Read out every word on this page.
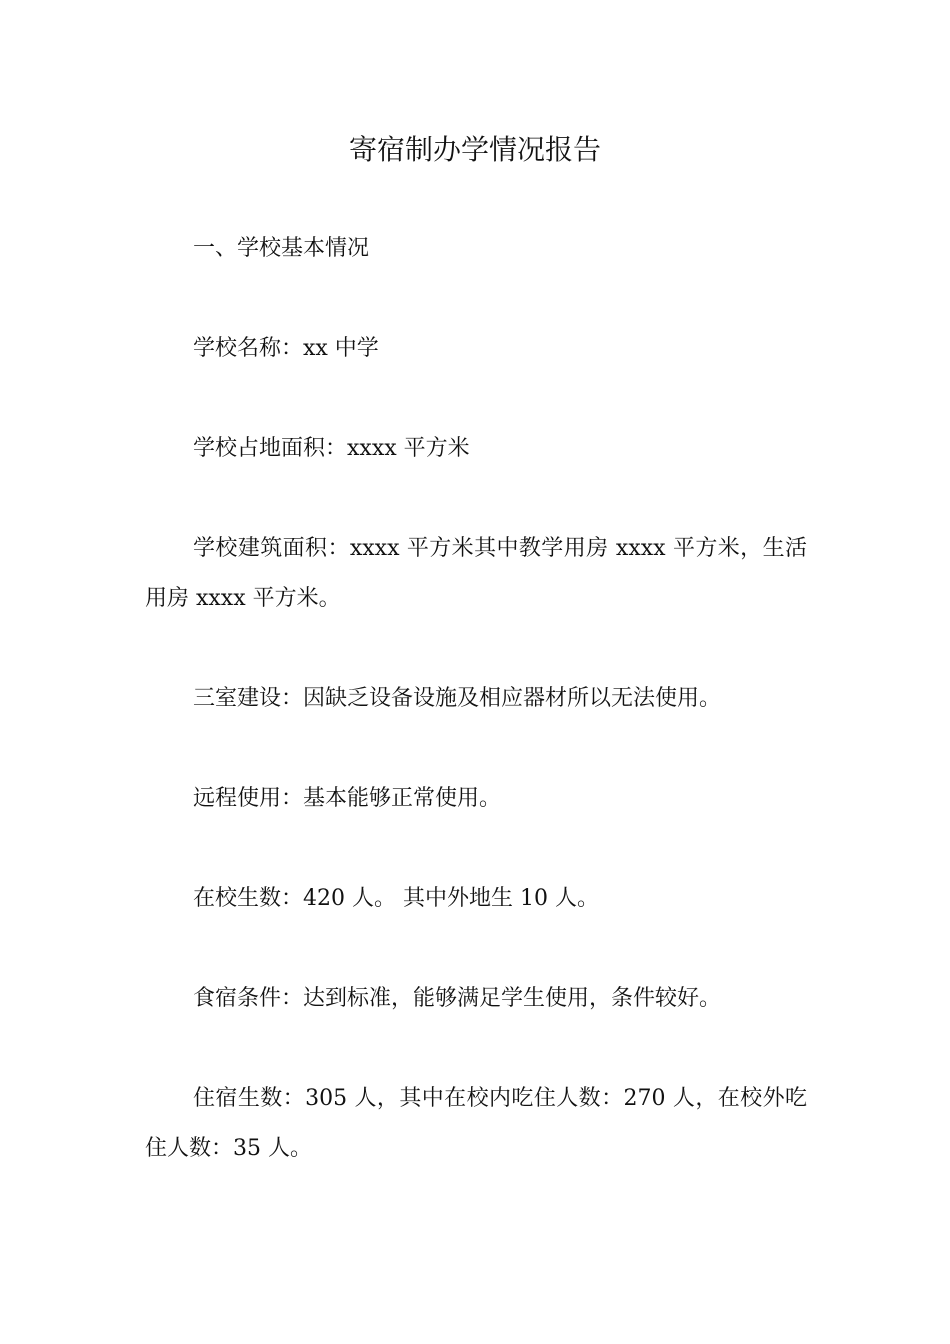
寄宿制办学情况报告

一、学校基本情况

学校名称：xx 中学

学校占地面积：xxxx 平方米

学校建筑面积：xxxx 平方米其中教学用房 xxxx 平方米，生活用房 xxxx 平方米。

三室建设：因缺乏设备设施及相应器材所以无法使用。

远程使用：基本能够正常使用。

在校生数：420 人。 其中外地生 10 人。

食宿条件：达到标准，能够满足学生使用，条件较好。

住宿生数：305 人，其中在校内吃住人数：270 人，在校外吃住人数：35 人。
